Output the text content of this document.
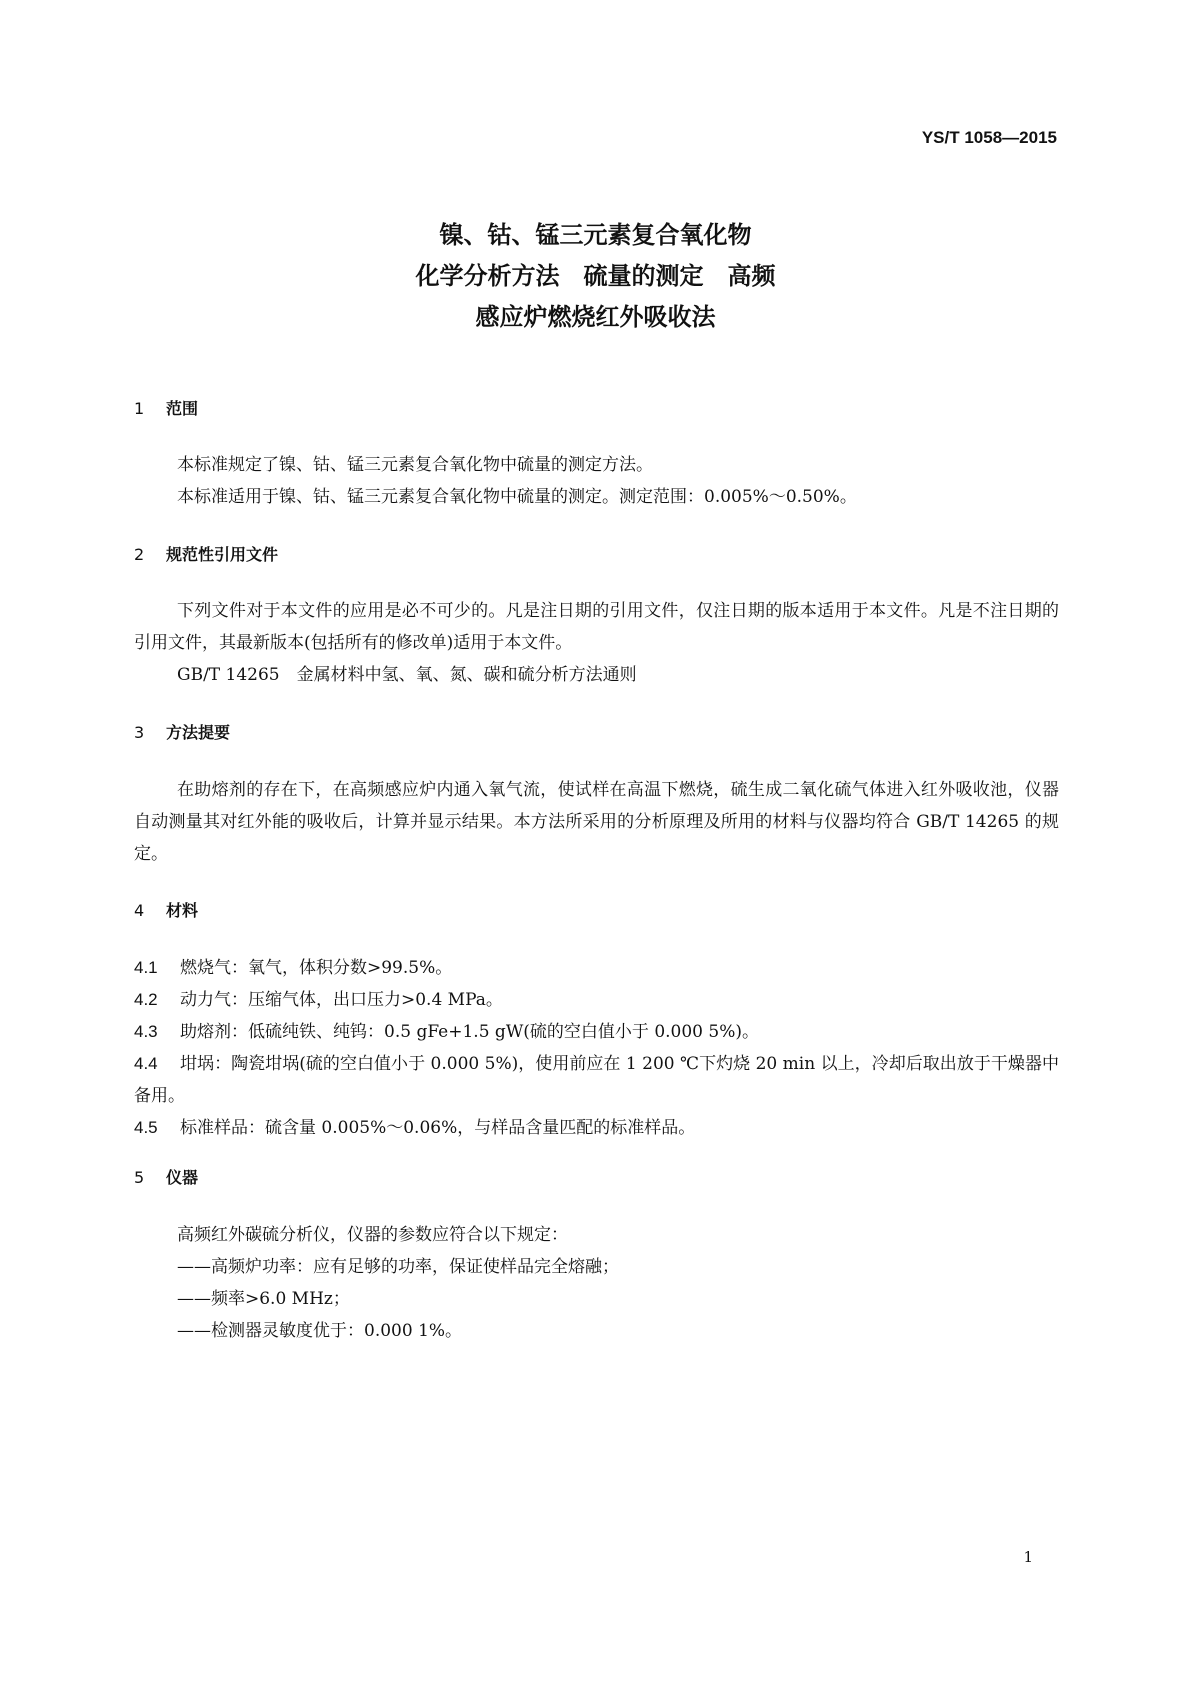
YS/T 1058—2015
镍、钴、锰三元素复合氧化物
化学分析方法　硫量的测定　高频
感应炉燃烧红外吸收法
1 范围
本标准规定了镍、钴、锰三元素复合氧化物中硫量的测定方法。
本标准适用于镍、钴、锰三元素复合氧化物中硫量的测定。测定范围：0.005%～0.50%。
2 规范性引用文件
下列文件对于本文件的应用是必不可少的。凡是注日期的引用文件，仅注日期的版本适用于本文件。凡是不注日期的引用文件，其最新版本(包括所有的修改单)适用于本文件。
GB/T 14265　金属材料中氢、氧、氮、碳和硫分析方法通则
3 方法提要
在助熔剂的存在下，在高频感应炉内通入氧气流，使试样在高温下燃烧，硫生成二氧化硫气体进入红外吸收池，仪器自动测量其对红外能的吸收后，计算并显示结果。本方法所采用的分析原理及所用的材料与仪器均符合 GB/T 14265 的规定。
4 材料
4.1 燃烧气：氧气，体积分数>99.5%。
4.2 动力气：压缩气体，出口压力>0.4 MPa。
4.3 助熔剂：低硫纯铁、纯钨：0.5 gFe+1.5 gW(硫的空白值小于 0.000 5%)。
4.4 坩埚：陶瓷坩埚(硫的空白值小于 0.000 5%)，使用前应在 1 200 ℃下灼烧 20 min 以上，冷却后取出放于干燥器中备用。
4.5 标准样品：硫含量 0.005%～0.06%，与样品含量匹配的标准样品。
5 仪器
高频红外碳硫分析仪，仪器的参数应符合以下规定：
——高频炉功率：应有足够的功率，保证使样品完全熔融；
——频率>6.0 MHz；
——检测器灵敏度优于：0.000 1%。
1
